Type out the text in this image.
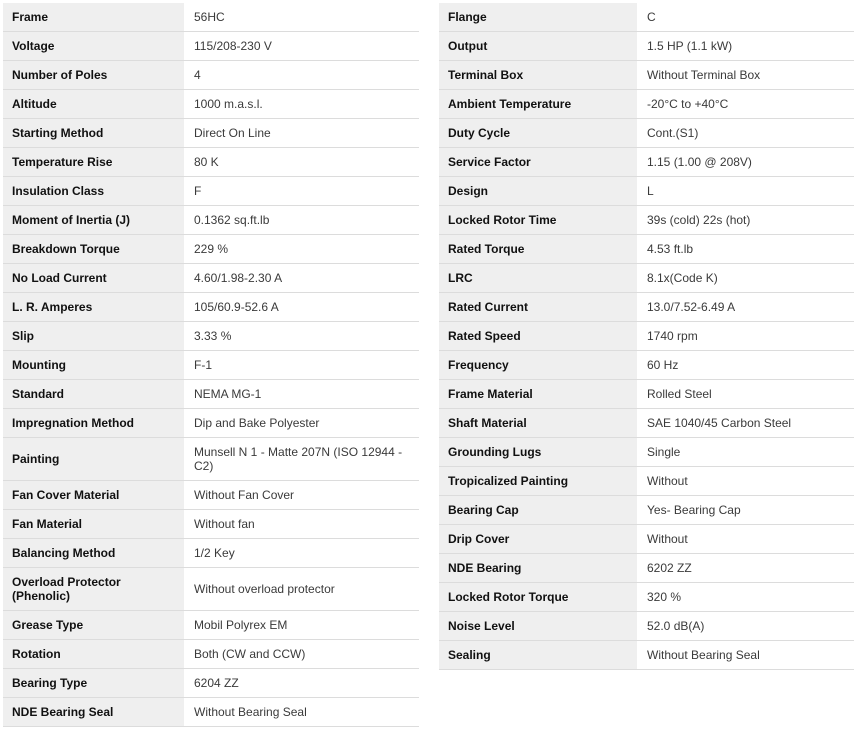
Frame	56HC
Voltage	115/208-230 V
Number of Poles	4
Altitude	1000 m.a.s.l.
Starting Method	Direct On Line
Temperature Rise	80 K
Insulation Class	F
Moment of Inertia (J)	0.1362 sq.ft.lb
Breakdown Torque	229 %
No Load Current	4.60/1.98-2.30 A
L. R. Amperes	105/60.9-52.6 A
Slip	3.33 %
Mounting	F-1
Standard	NEMA MG-1
Impregnation Method	Dip and Bake Polyester
Painting	Munsell N 1 - Matte 207N (ISO 12944 - C2)
Fan Cover Material	Without Fan Cover
Fan Material	Without fan
Balancing Method	1/2 Key
Overload Protector (Phenolic)	Without overload protector
Grease Type	Mobil Polyrex EM
Rotation	Both (CW and CCW)
Bearing Type	6204 ZZ
NDE Bearing Seal	Without Bearing Seal
Flange	C
Output	1.5 HP (1.1 kW)
Terminal Box	Without Terminal Box
Ambient Temperature	-20°C to +40°C
Duty Cycle	Cont.(S1)
Service Factor	1.15 (1.00 @ 208V)
Design	L
Locked Rotor Time	39s (cold) 22s (hot)
Rated Torque	4.53 ft.lb
LRC	8.1x(Code K)
Rated Current	13.0/7.52-6.49 A
Rated Speed	1740 rpm
Frequency	60 Hz
Frame Material	Rolled Steel
Shaft Material	SAE 1040/45 Carbon Steel
Grounding Lugs	Single
Tropicalized Painting	Without
Bearing Cap	Yes- Bearing Cap
Drip Cover	Without
NDE Bearing	6202 ZZ
Locked Rotor Torque	320 %
Noise Level	52.0 dB(A)
Sealing	Without Bearing Seal
